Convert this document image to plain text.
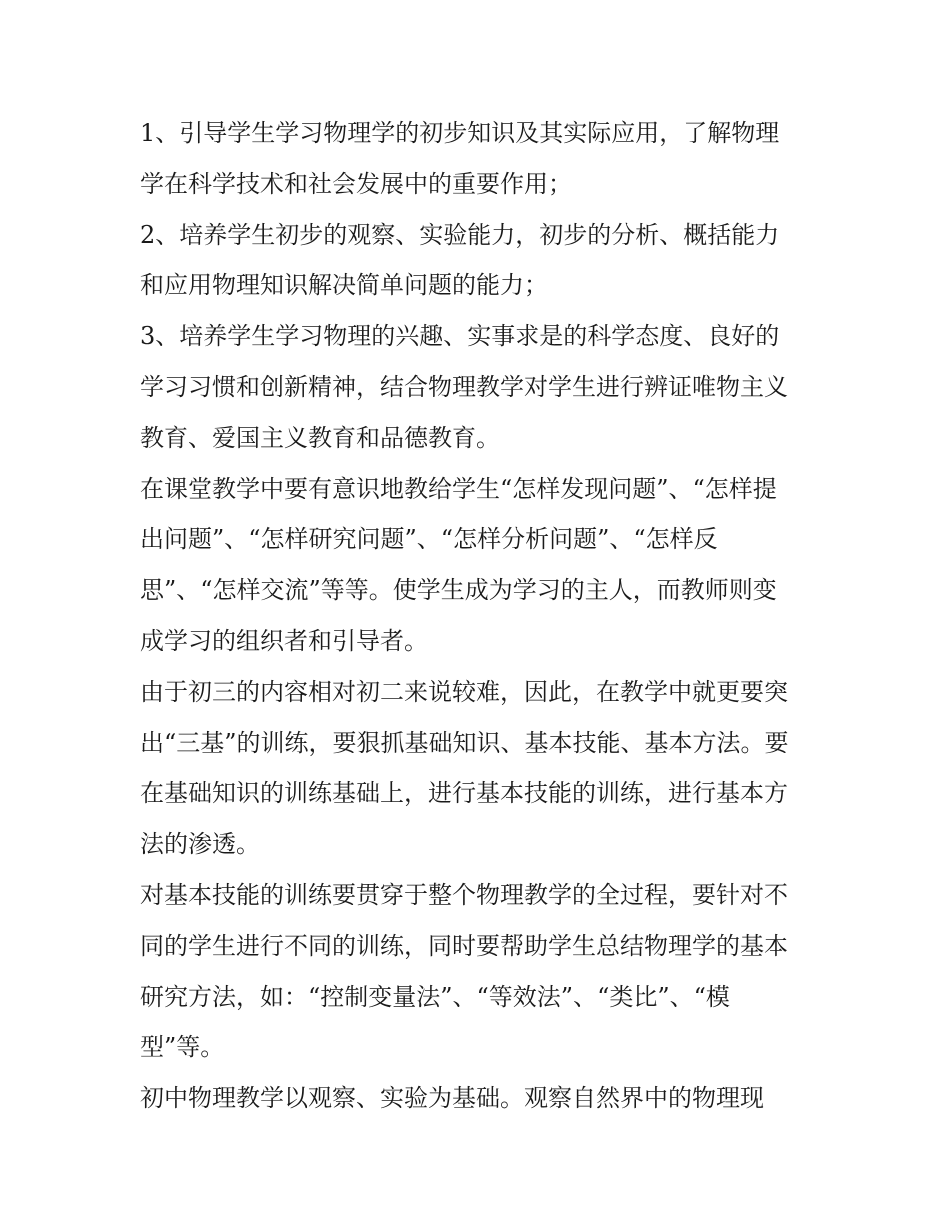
1、引导学生学习物理学的初步知识及其实际应用，了解物理
学在科学技术和社会发展中的重要作用；
2、培养学生初步的观察、实验能力，初步的分析、概括能力
和应用物理知识解决简单问题的能力；
3、培养学生学习物理的兴趣、实事求是的科学态度、良好的
学习习惯和创新精神，结合物理教学对学生进行辨证唯物主义
教育、爱国主义教育和品德教育。
在课堂教学中要有意识地教给学生“怎样发现问题”、“怎样提
出问题”、“怎样研究问题”、“怎样分析问题”、“怎样反
思”、“怎样交流”等等。使学生成为学习的主人，而教师则变
成学习的组织者和引导者。
由于初三的内容相对初二来说较难，因此，在教学中就更要突
出“三基”的训练，要狠抓基础知识、基本技能、基本方法。要
在基础知识的训练基础上，进行基本技能的训练，进行基本方
法的渗透。
对基本技能的训练要贯穿于整个物理教学的全过程，要针对不
同的学生进行不同的训练，同时要帮助学生总结物理学的基本
研究方法，如：“控制变量法”、“等效法”、“类比”、“模
型”等。
初中物理教学以观察、实验为基础。观察自然界中的物理现
